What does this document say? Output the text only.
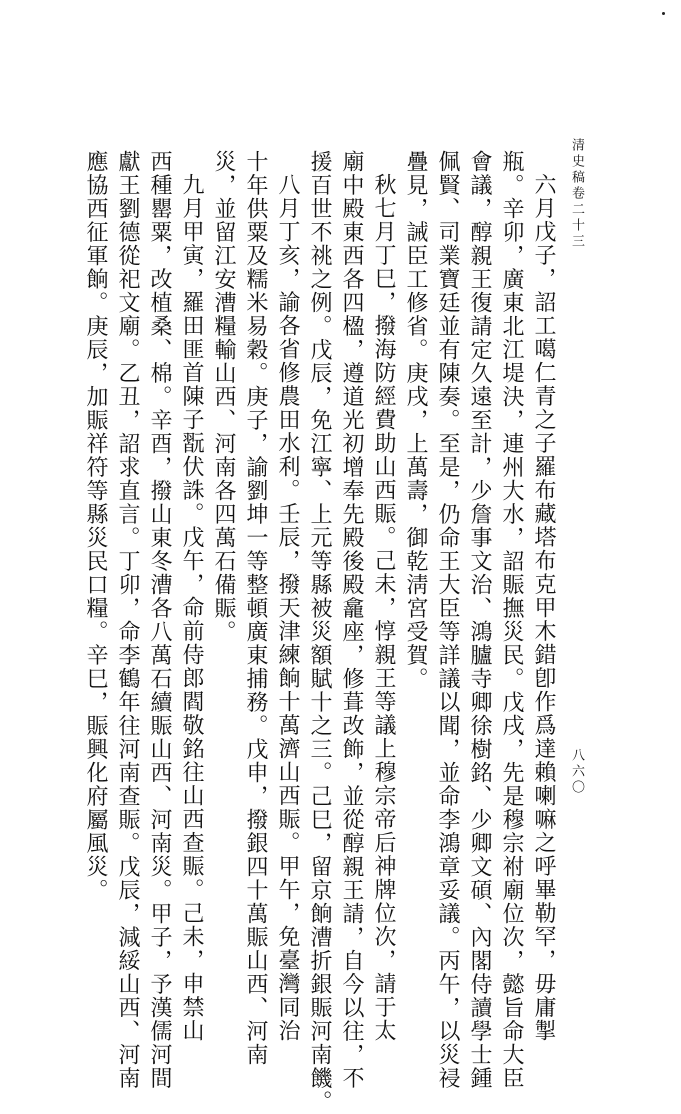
清史稿卷二十三
八六〇
六月戊子，詔工噶仁青之子羅布藏塔布克甲木錯卽作爲達賴喇嘛之呼畢勒罕，毋庸掣
瓶。辛卯，廣東北江堤決，連州大水，詔賑撫災民。戊戌，先是穆宗祔廟位次，懿旨命大臣
會議，醇親王復請定久遠至計，少詹事文治、鴻臚寺卿徐樹銘、少卿文碩、內閣侍讀學士鍾
佩賢、司業寶廷並有陳奏。至是，仍命王大臣等詳議以聞，並命李鴻章妥議。丙午，以災祲
疊見，誡臣工修省。庚戌，上萬壽，御乾淸宮受賀。
秋七月丁巳，撥海防經費助山西賑。己未，惇親王等議上穆宗帝后神牌位次，請于太
廟中殿東西各四楹，遵道光初增奉先殿後殿龕座，修葺改飾，並從醇親王請，自今以往，不
援百世不祧之例。戊辰，免江寧、上元等縣被災額賦十之三。己巳，留京餉漕折銀賑河南饑。
八月丁亥，諭各省修農田水利。壬辰，撥天津練餉十萬濟山西賑。甲午，免臺灣同治
十年供粟及糯米易穀。庚子，諭劉坤一等整頓廣東捕務。戊申，撥銀四十萬賑山西、河南
災，並留江安漕糧輸山西、河南各四萬石備賑。
九月甲寅，羅田匪首陳子翫伏誅。戊午，命前侍郎閻敬銘往山西查賑。己未，申禁山
西種罌粟，改植桑、棉。辛酉，撥山東冬漕各八萬石續賑山西、河南災。甲子，予漢儒河間
獻王劉德從祀文廟。乙丑，詔求直言。丁卯，命李鶴年往河南查賑。戊辰，減綏山西、河南
應協西征軍餉。庚辰，加賑祥符等縣災民口糧。辛巳，賑興化府屬風災。
